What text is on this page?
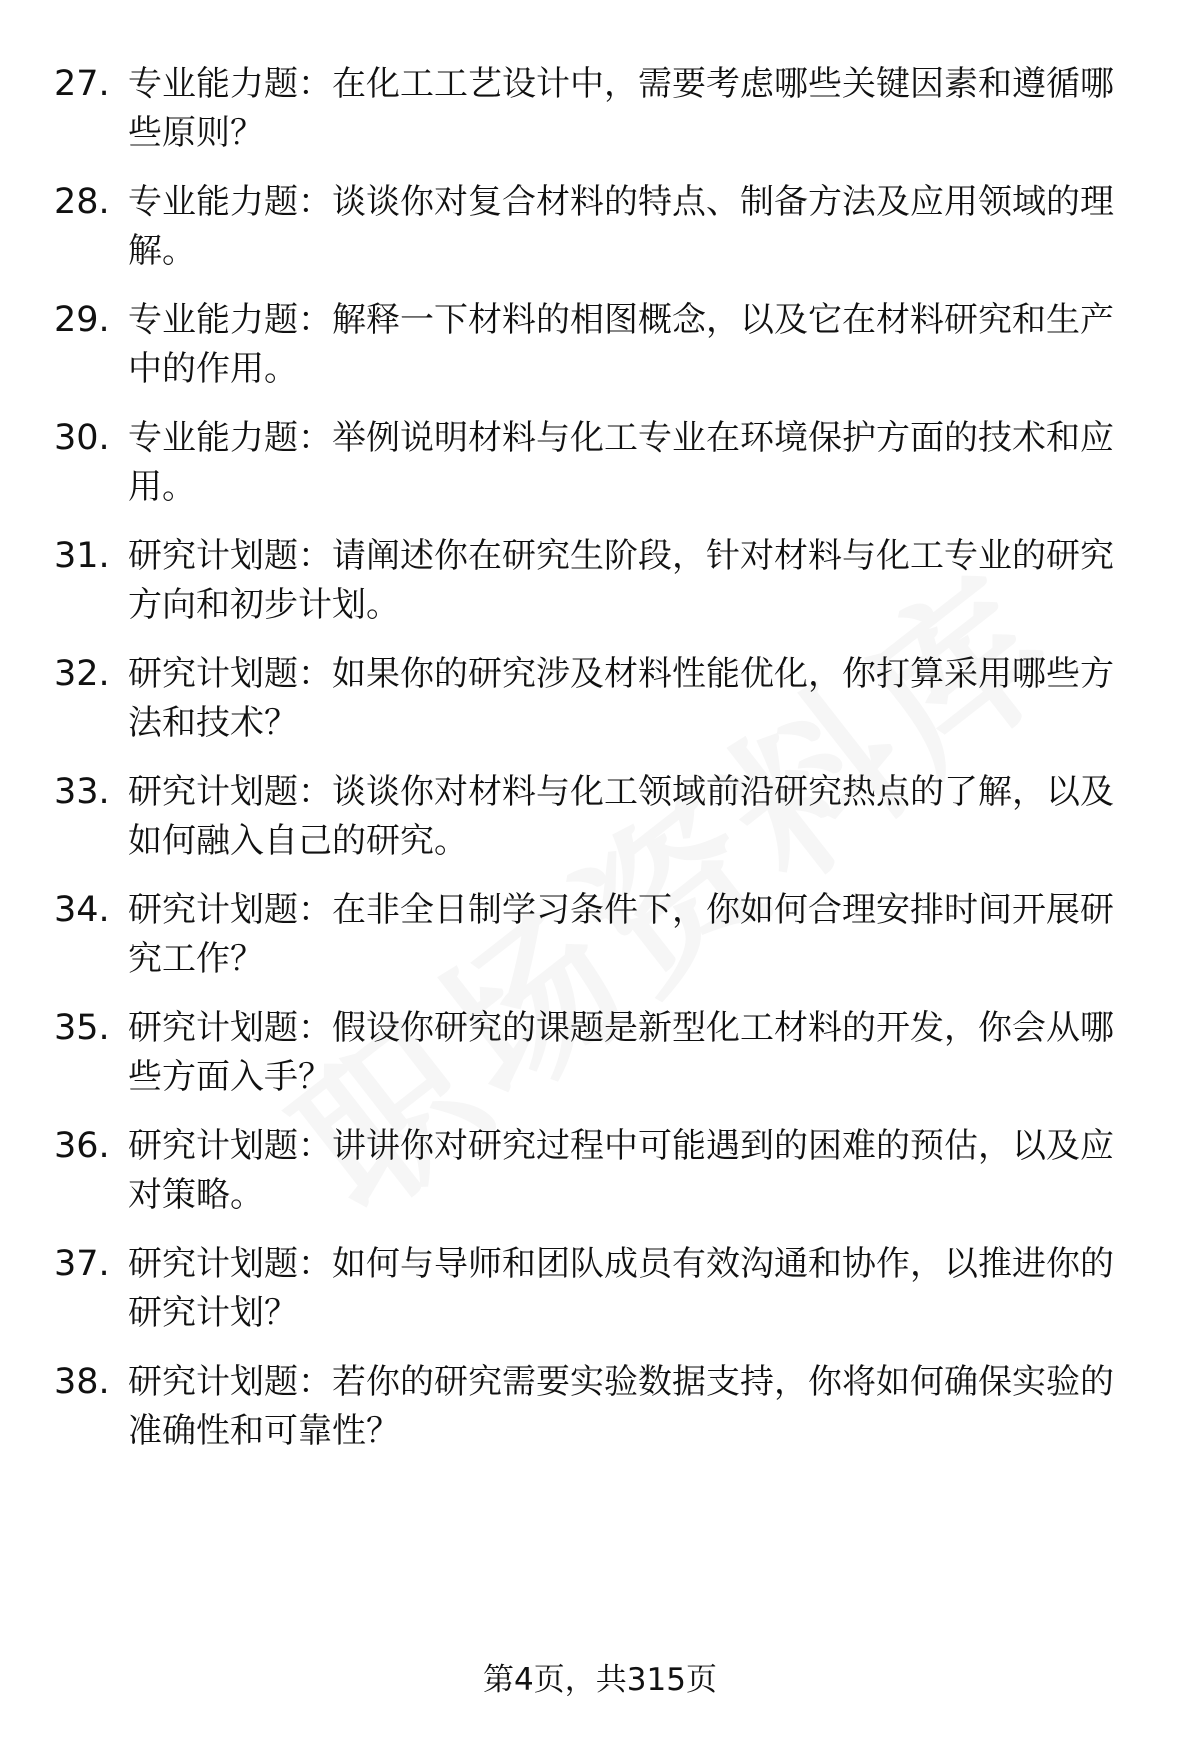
27. 专业能力题：在化工工艺设计中，需要考虑哪些关键因素和遵循哪些原则？
28. 专业能力题：谈谈你对复合材料的特点、制备方法及应用领域的理解。
29. 专业能力题：解释一下材料的相图概念，以及它在材料研究和生产中的作用。
30. 专业能力题：举例说明材料与化工专业在环境保护方面的技术和应用。
31. 研究计划题：请阐述你在研究生阶段，针对材料与化工专业的研究方向和初步计划。
32. 研究计划题：如果你的研究涉及材料性能优化，你打算采用哪些方法和技术？
33. 研究计划题：谈谈你对材料与化工领域前沿研究热点的了解，以及如何融入自己的研究。
34. 研究计划题：在非全日制学习条件下，你如何合理安排时间开展研究工作？
35. 研究计划题：假设你研究的课题是新型化工材料的开发，你会从哪些方面入手？
36. 研究计划题：讲讲你对研究过程中可能遇到的困难的预估，以及应对策略。
37. 研究计划题：如何与导师和团队成员有效沟通和协作，以推进你的研究计划？
38. 研究计划题：若你的研究需要实验数据支持，你将如何确保实验的准确性和可靠性？
第4页，共315页
